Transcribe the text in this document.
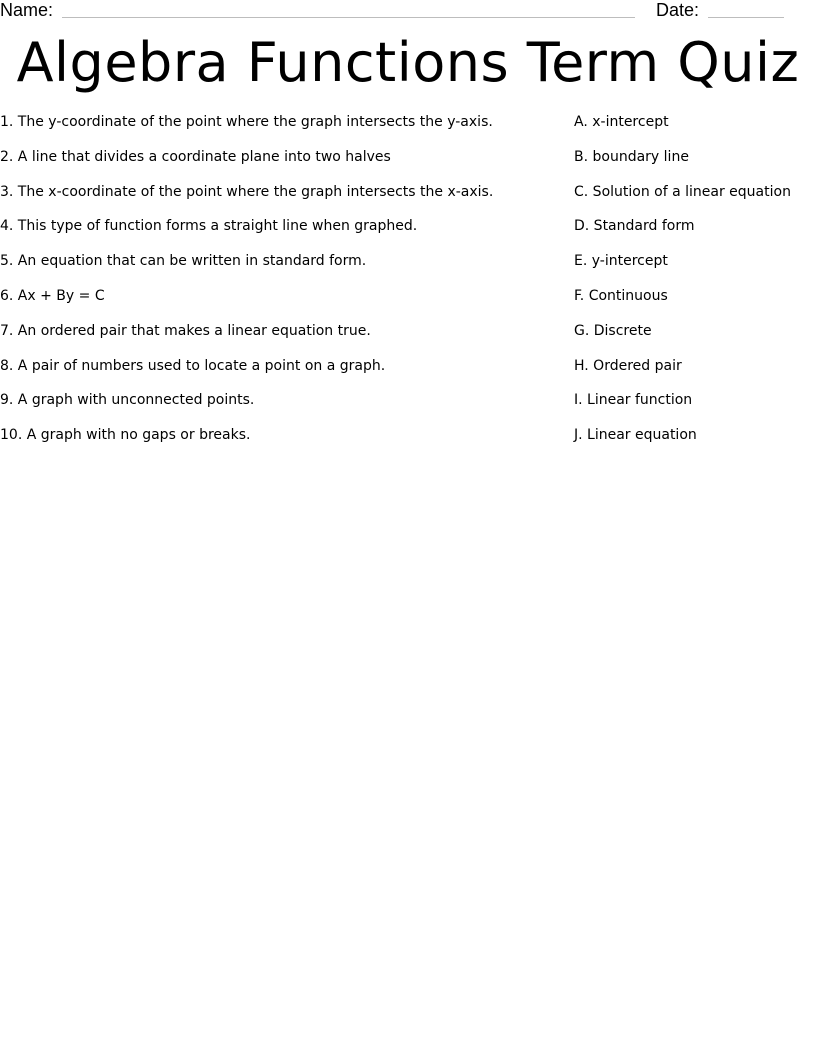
Name:	Date:
Algebra Functions Term Quiz
1. The y-coordinate of the point where the graph intersects the y-axis.
2. A line that divides a coordinate plane into two halves
3. The x-coordinate of the point where the graph intersects the x-axis.
4. This type of function forms a straight line when graphed.
5. An equation that can be written in standard form.
6. Ax + By = C
7. An ordered pair that makes a linear equation true.
8. A pair of numbers used to locate a point on a graph.
9. A graph with unconnected points.
10. A graph with no gaps or breaks.
A. x-intercept
B. boundary line
C. Solution of a linear equation
D. Standard form
E. y-intercept
F. Continuous
G. Discrete
H. Ordered pair
I. Linear function
J. Linear equation
